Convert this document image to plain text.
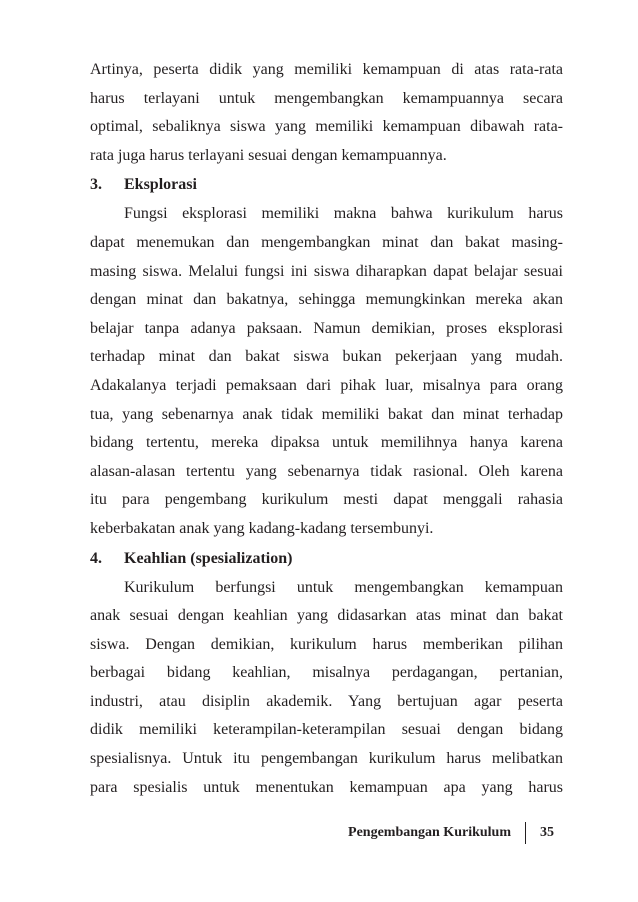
Artinya, peserta didik yang memiliki kemampuan di atas rata-rata
harus terlayani untuk mengembangkan kemampuannya secara
optimal, sebaliknya siswa yang memiliki kemampuan dibawah rata-
rata juga harus terlayani sesuai dengan kemampuannya.
3.	Eksplorasi
Fungsi eksplorasi memiliki makna bahwa kurikulum harus
dapat menemukan dan mengembangkan minat dan bakat masing-
masing siswa. Melalui fungsi ini siswa diharapkan dapat belajar sesuai
dengan minat dan bakatnya, sehingga memungkinkan mereka akan
belajar tanpa adanya paksaan. Namun demikian, proses eksplorasi
terhadap minat dan bakat siswa bukan pekerjaan yang mudah.
Adakalanya terjadi pemaksaan dari pihak luar, misalnya para orang
tua, yang sebenarnya anak tidak memiliki bakat dan minat terhadap
bidang tertentu, mereka dipaksa untuk memilihnya hanya karena
alasan-alasan tertentu yang sebenarnya tidak rasional. Oleh karena
itu para pengembang kurikulum mesti dapat menggali rahasia
keberbakatan anak yang kadang-kadang tersembunyi.
4.	Keahlian (spesialization)
Kurikulum berfungsi untuk mengembangkan kemampuan
anak sesuai dengan keahlian yang didasarkan atas minat dan bakat
siswa. Dengan demikian, kurikulum harus memberikan pilihan
berbagai bidang keahlian, misalnya perdagangan, pertanian,
industri, atau disiplin akademik. Yang bertujuan agar peserta
didik memiliki keterampilan-keterampilan sesuai dengan bidang
spesialisnya. Untuk itu pengembangan kurikulum harus melibatkan
para spesialis untuk menentukan kemampuan apa yang harus
Pengembangan Kurikulum 35
